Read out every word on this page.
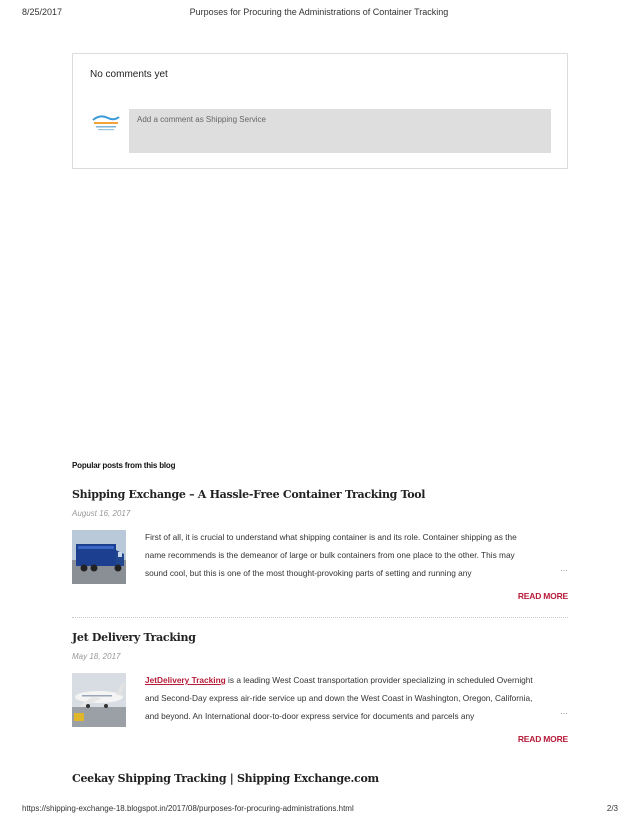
8/25/2017	Purposes for Procuring the Administrations of Container Tracking
No comments yet
Add a comment as Shipping Service
Popular posts from this blog
Shipping Exchange – A Hassle-Free Container Tracking Tool
August 16, 2017
First of all, it is crucial to understand what shipping container is and its role. Container shipping as the
name recommends is the demeanor of large or bulk containers from one place to the other. This may
sound cool, but this is one of the most thought-provoking parts of setting and running any	…
READ MORE
Jet Delivery Tracking
May 18, 2017
JetDelivery Tracking is a leading West Coast transportation provider specializing in scheduled Overnight
and Second-Day express air-ride service up and down the West Coast in Washington, Oregon, California,
and beyond. An International door-to-door express service for documents and parcels any	…
READ MORE
Ceekay Shipping Tracking | Shipping Exchange.com
https://shipping-exchange-18.blogspot.in/2017/08/purposes-for-procuring-administrations.html	2/3
